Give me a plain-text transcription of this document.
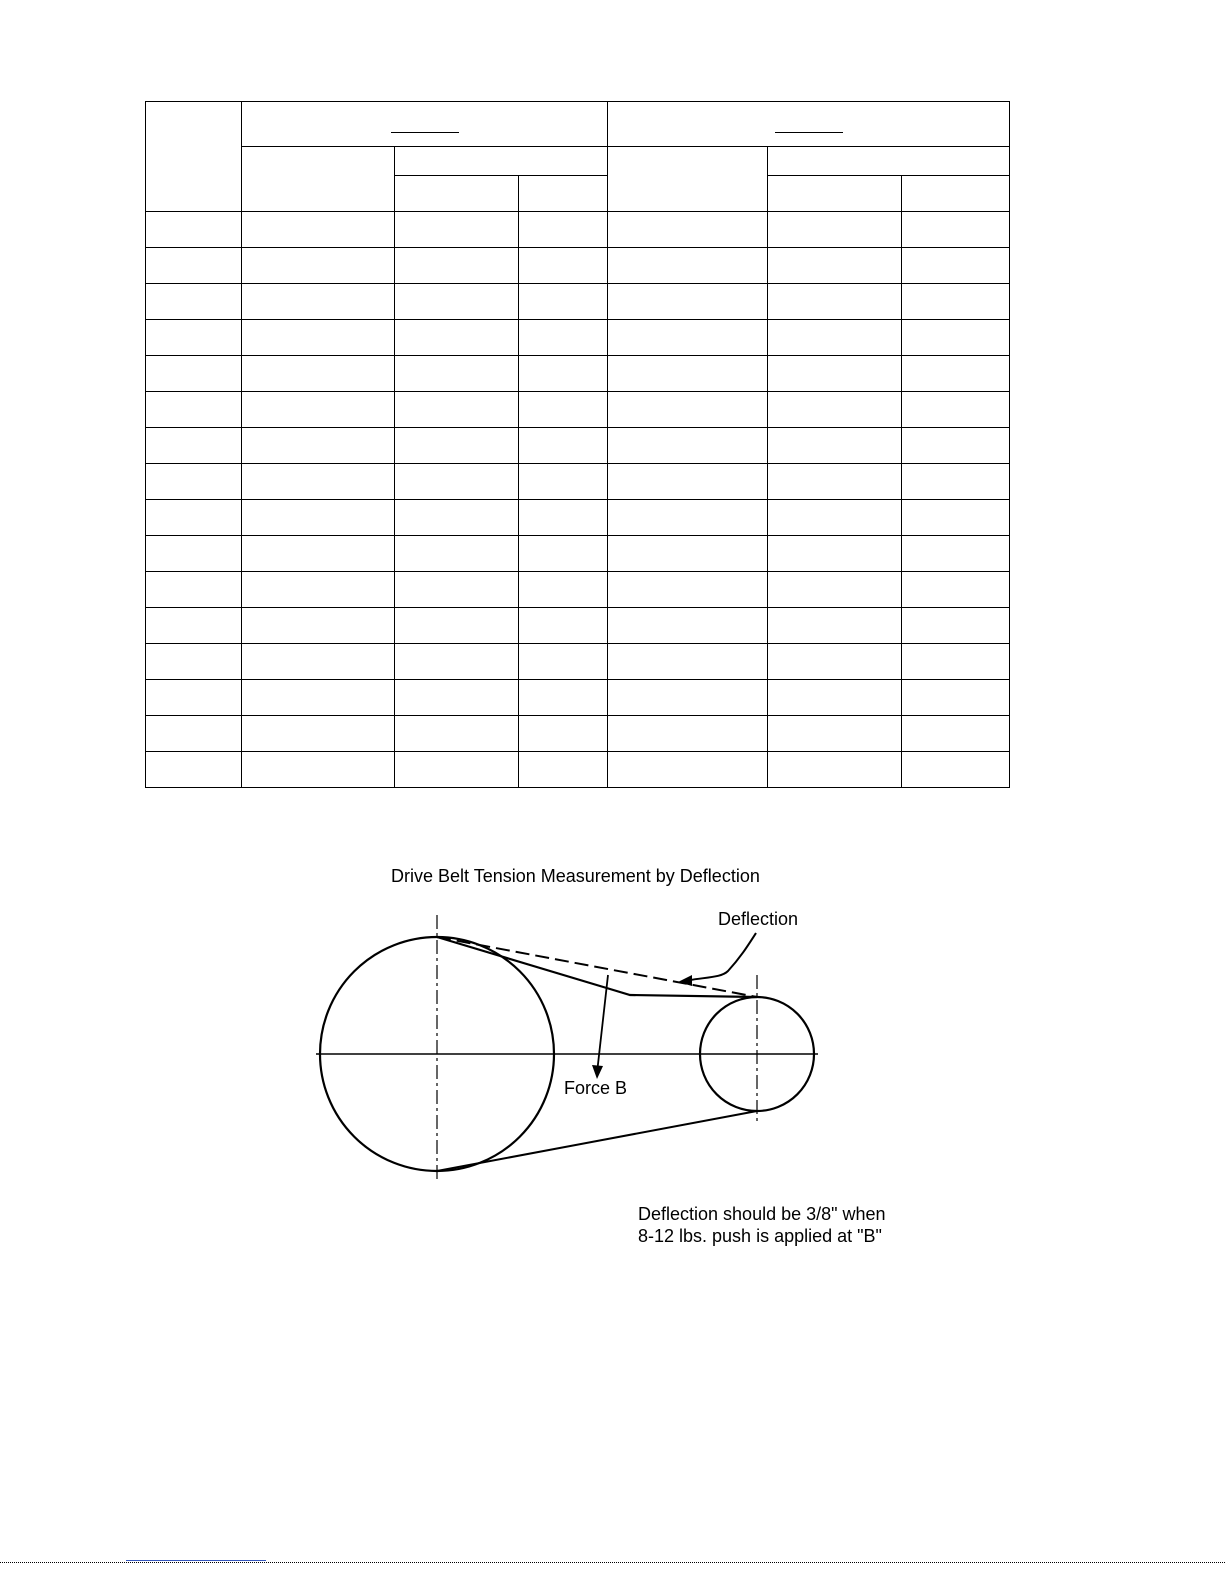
Drive Belt Tension Measurement by Deflection
Deflection
Force B
Deflection should be 3/8" when
8-12 lbs. push is applied at "B"
